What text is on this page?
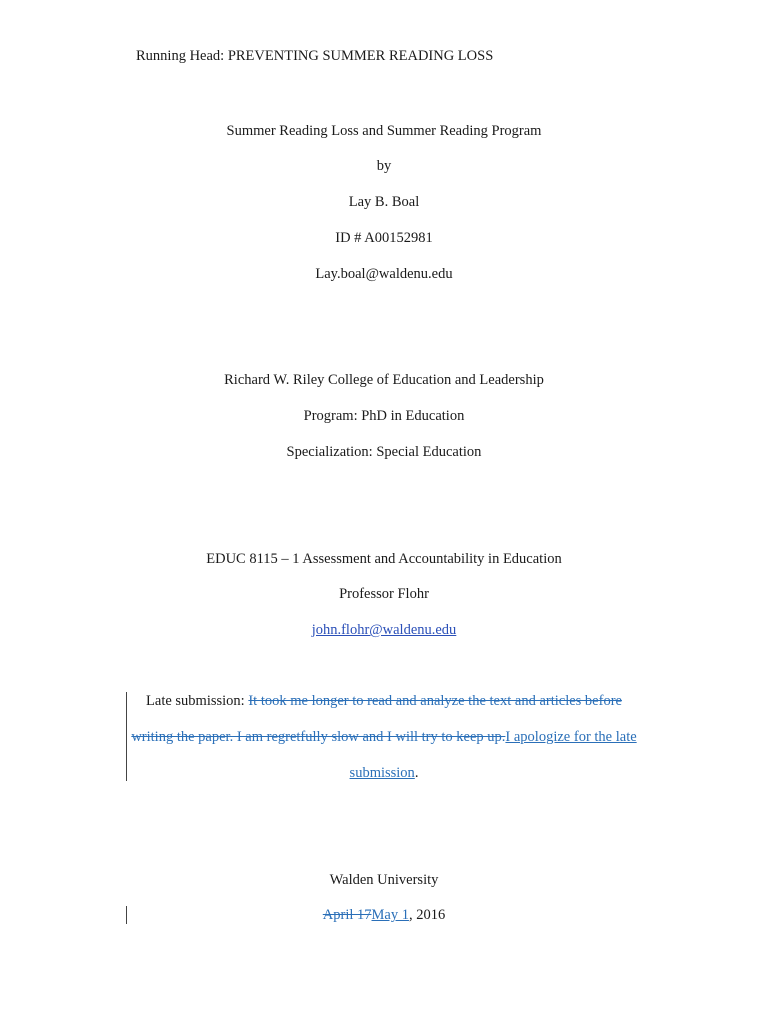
Running Head: PREVENTING SUMMER READING LOSS
Summer Reading Loss and Summer Reading Program
by
Lay B. Boal
ID # A00152981
Lay.boal@waldenu.edu
Richard W. Riley College of Education and Leadership
Program: PhD in Education
Specialization: Special Education
EDUC 8115 – 1 Assessment and Accountability in Education
Professor Flohr
john.flohr@waldenu.edu
Late submission: It took me longer to read and analyze the text and articles before
writing the paper. I am regretfully slow and I will try to keep up.I apologize for the late
submission.
Walden University
April 17May 1, 2016
